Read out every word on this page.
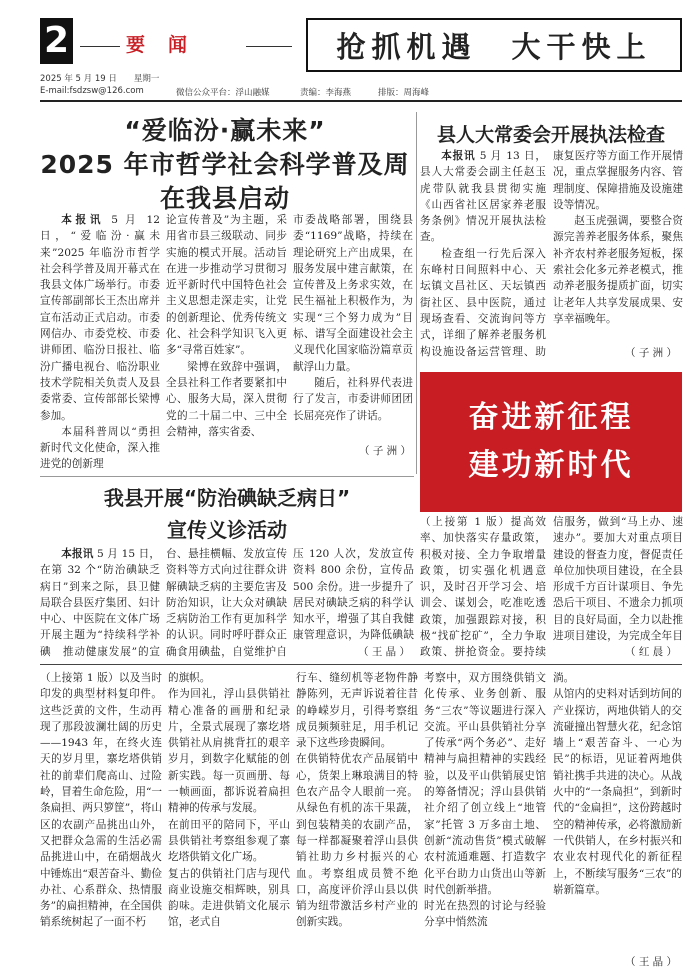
2	要　闻	抢抓机遇　大干快上
2025 年 5 月 19 日　　星期一
E-mail:fsdzsw@126.com	微信公众平台：浮山融媒	责编：李海燕	排版：周海峰
“爱临汾·赢未来”
2025 年市哲学社会科学普及周
在我县启动

本报讯 5 月 12 日，“爱临汾·赢未来”2025 年临汾市哲学社会科学普及周开幕式在我县文体广场举行。市委宣传部副部长王杰出席并宣布活动正式启动。市委网信办、市委党校、市委讲师团、临汾日报社、临汾广播电视台、临汾职业技术学院相关负责人及县委常委、宣传部部长梁博参加。

本届科普周以“勇担新时代文化使命，深入推进党的创新理

论宣传普及”为主题，采用省市县三级联动、同步实施的模式开展。活动旨在进一步推动学习贯彻习近平新时代中国特色社会主义思想走深走实，让党的创新理论、优秀传统文化、社会科学知识飞入更多“寻常百姓家”。

梁博在致辞中强调，全县社科工作者要紧扣中心、服务大局，深入贯彻党的二十届二中、三中全会精神，落实省委、

市委战略部署，围绕县委“1169”战略，持续在理论研究上产出成果，在服务发展中建言献策，在宣传普及上务求实效，在民生福祉上积极作为，为实现“三个努力成为”目标、谱写全面建设社会主义现代化国家临汾篇章贡献浮山力量。

随后，社科界代表进行了发言，市委讲师团团长屈亮亮作了讲话。

（ 子 洲 ）
县人大常委会开展执法检查

本报讯 5 月 13 日，县人大常委会副主任赵玉虎带队就我县贯彻实施《山西省社区居家养老服务条例》情况开展执法检查。

检查组一行先后深入东峰村日间照料中心、天坛镇文昌社区、天坛镇西街社区、县中医院，通过现场查看、交流询问等方式，详细了解养老服务机构设施设备运营管理、助

康复医疗等方面工作开展情况，重点掌握服务内容、管理制度、保障措施及设施建设等情况。

赵玉虎强调，要整合资源完善养老服务体系，聚焦补齐农村养老服务短板，探索社会化多元养老模式，推动养老服务提质扩面，切实让老年人共享发展成果、安享幸福晚年。

（ 子 洲 ）
奋进新征程
建功新时代
我县开展“防治碘缺乏病日”
宣传义诊活动

本报讯 5 月 15 日，在第 32 个“防治碘缺乏病日”到来之际，县卫健局联合县医疗集团、妇计中心、中医院在文体广场开展主题为“持续科学补碘　推动健康发展”的宣

台、悬挂横幅、发放宣传资料等方式向过往群众讲解碘缺乏病的主要危害及防治知识，让大众对碘缺乏病防治工作有更加科学的认识。同时呼吁群众正确食用碘盐，自觉维护自

压 120 人次，发放宣传资料 800 余份，宣传品 500 余份。进一步提升了居民对碘缺乏病的科学认知水平，增强了其自我健康管理意识，为降低碘缺

（ 王 晶 ）

（上接第 1 版）提高效率、加快落实存量政策，积极对接、全力争取增量政策，切实强化机遇意识，及时召开学习会、培训会、谋划会，吃准吃透政策，加强跟踪对接，积极“找矿挖矿”，全力争取政策、拼抢资金。要持续

信服务，做到“马上办、速速办”。要加大对重点项目建设的督查力度，督促责任单位加快项目建设，在全县形成千方百计谋项目、争先恐后干项目、不遗余力抓项目的良好局面，全力以赴推进项目建设，为完成全年目

（ 红 晨 ）
（上接第 1 版）以及当时印发的典型材料复印件。这些泛黄的文件，生动再现了那段波澜壮阔的历史——1943 年，在终火连天的岁月里，寨圪塔供销社的前辈们爬高山、过险岭，冒着生命危险，用“一条扁担、两只箩筐”，将山区的农副产品挑出山外，又把群众急需的生活必需品挑进山中，在硝烟战火中锤炼出“艰苦奋斗、勤俭办社、心系群众、热情服务”的扁担精神，在全国供销系统树起了一面不朽
的旗帜。
作为回礼，浮山县供销社精心准备的画册和纪录片，全景式展现了寨圪塔供销社从肩挑背扛的艰辛岁月，到数字化赋能的创新实践。每一页画册、每一帧画面，都诉说着扁担精神的传承与发展。
在前田平的陪同下，平山县供销社考察组参观了寨圪塔供销文化广场。
复古的供销社门店与现代商业设施交相辉映，别具韵味。走进供销文化展示馆，老式自
行车、缝纫机等老物件静静陈列，无声诉说着往昔的峥嵘岁月，引得考察组成员频频驻足，用手机记录下这些珍贵瞬间。
在供销特优农产品展销中心，货架上琳琅满目的特色农产品令人眼前一亮。从绿色有机的冻干果蔬，到包装精美的农副产品，每一样都凝聚着浮山县供销社助力乡村振兴的心血。考察组成员赞不绝口，高度评价浮山县以供销为纽带激活乡村产业的创新实践。
考察中，双方围绕供销文化传承、业务创新、服务“三农”等议题进行深入交流。平山县供销社分享了传承“两个务必”、走好精神与扁担精神的实践经验，以及平山供销展史馆的筹备情况；浮山县供销社介绍了创立线上“地管家”托管 3 万多亩土地、创新“流动售货”模式破解农村流通难题、打造数字化平台助力山货出山等新时代创新举措。
时光在热烈的讨论与经验分享中悄然流
淌。
从馆内的史料对话到坊间的产业探访，两地供销人的交流碰撞出智慧火花，纪念馆墙上“艰苦奋斗、一心为民”的标语，见证着两地供销社携手共进的决心。从战火中的“一条扁担”，到新时代的“金扁担”，这份跨越时空的精神传承，必将激励新一代供销人，在乡村振兴和农业农村现代化的新征程上，不断续写服务“三农”的崭新篇章。
（ 王 晶 ）
